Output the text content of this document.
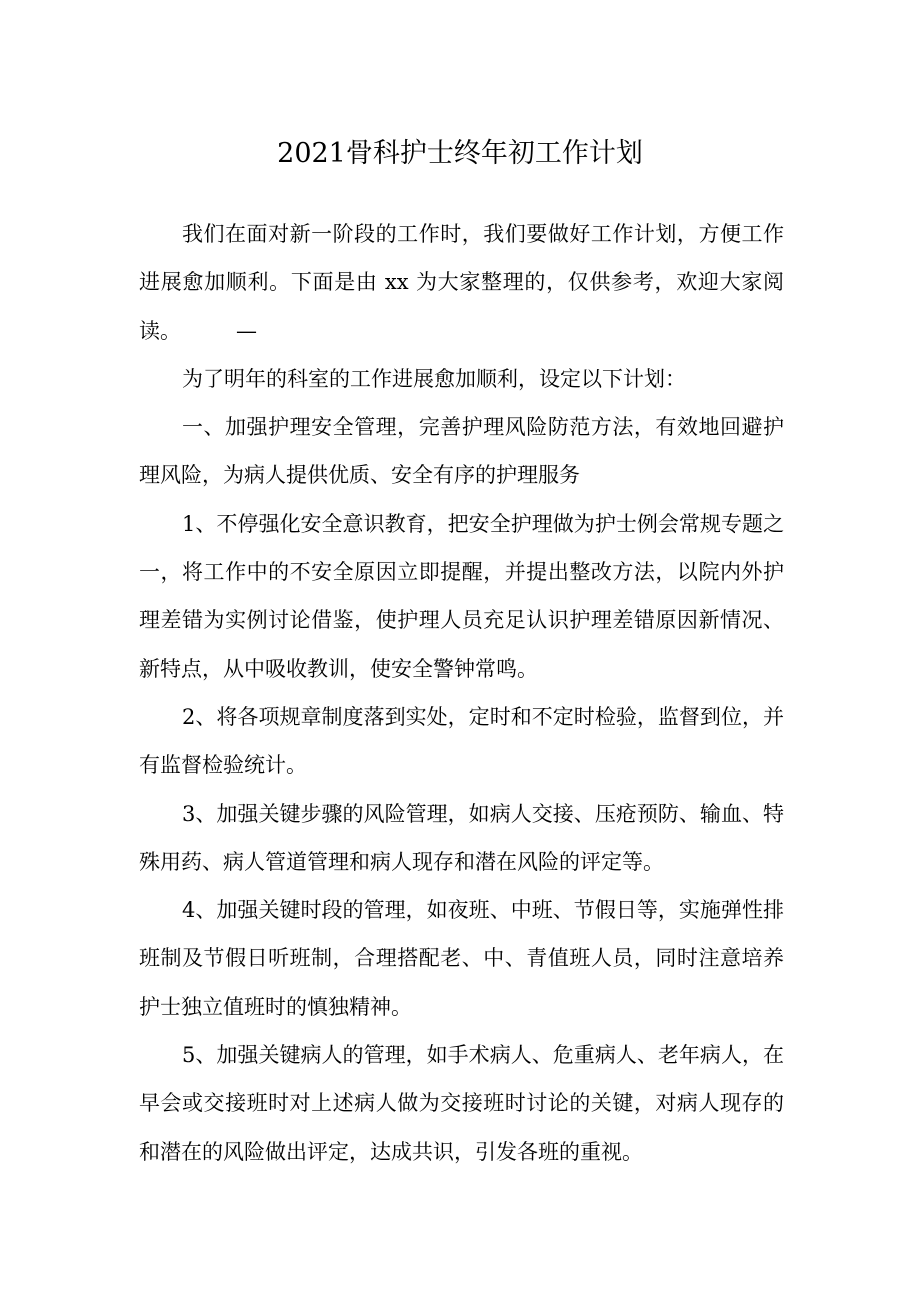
2021骨科护士终年初工作计划

我们在面对新一阶段的工作时，我们要做好工作计划，方便工作进展愈加顺利。下面是由 xx 为大家整理的，仅供参考，欢迎大家阅读。	—

为了明年的科室的工作进展愈加顺利，设定以下计划：

一、加强护理安全管理，完善护理风险防范方法，有效地回避护理风险，为病人提供优质、安全有序的护理服务

1、不停强化安全意识教育，把安全护理做为护士例会常规专题之一，将工作中的不安全原因立即提醒，并提出整改方法，以院内外护理差错为实例讨论借鉴，使护理人员充足认识护理差错原因新情况、新特点，从中吸收教训，使安全警钟常鸣。

2、将各项规章制度落到实处，定时和不定时检验，监督到位，并有监督检验统计。

3、加强关键步骤的风险管理，如病人交接、压疮预防、输血、特殊用药、病人管道管理和病人现存和潜在风险的评定等。

4、加强关键时段的管理，如夜班、中班、节假日等，实施弹性排班制及节假日听班制，合理搭配老、中、青值班人员，同时注意培养护士独立值班时的慎独精神。

5、加强关键病人的管理，如手术病人、危重病人、老年病人，在早会或交接班时对上述病人做为交接班时讨论的关键，对病人现存的和潜在的风险做出评定，达成共识，引发各班的重视。
